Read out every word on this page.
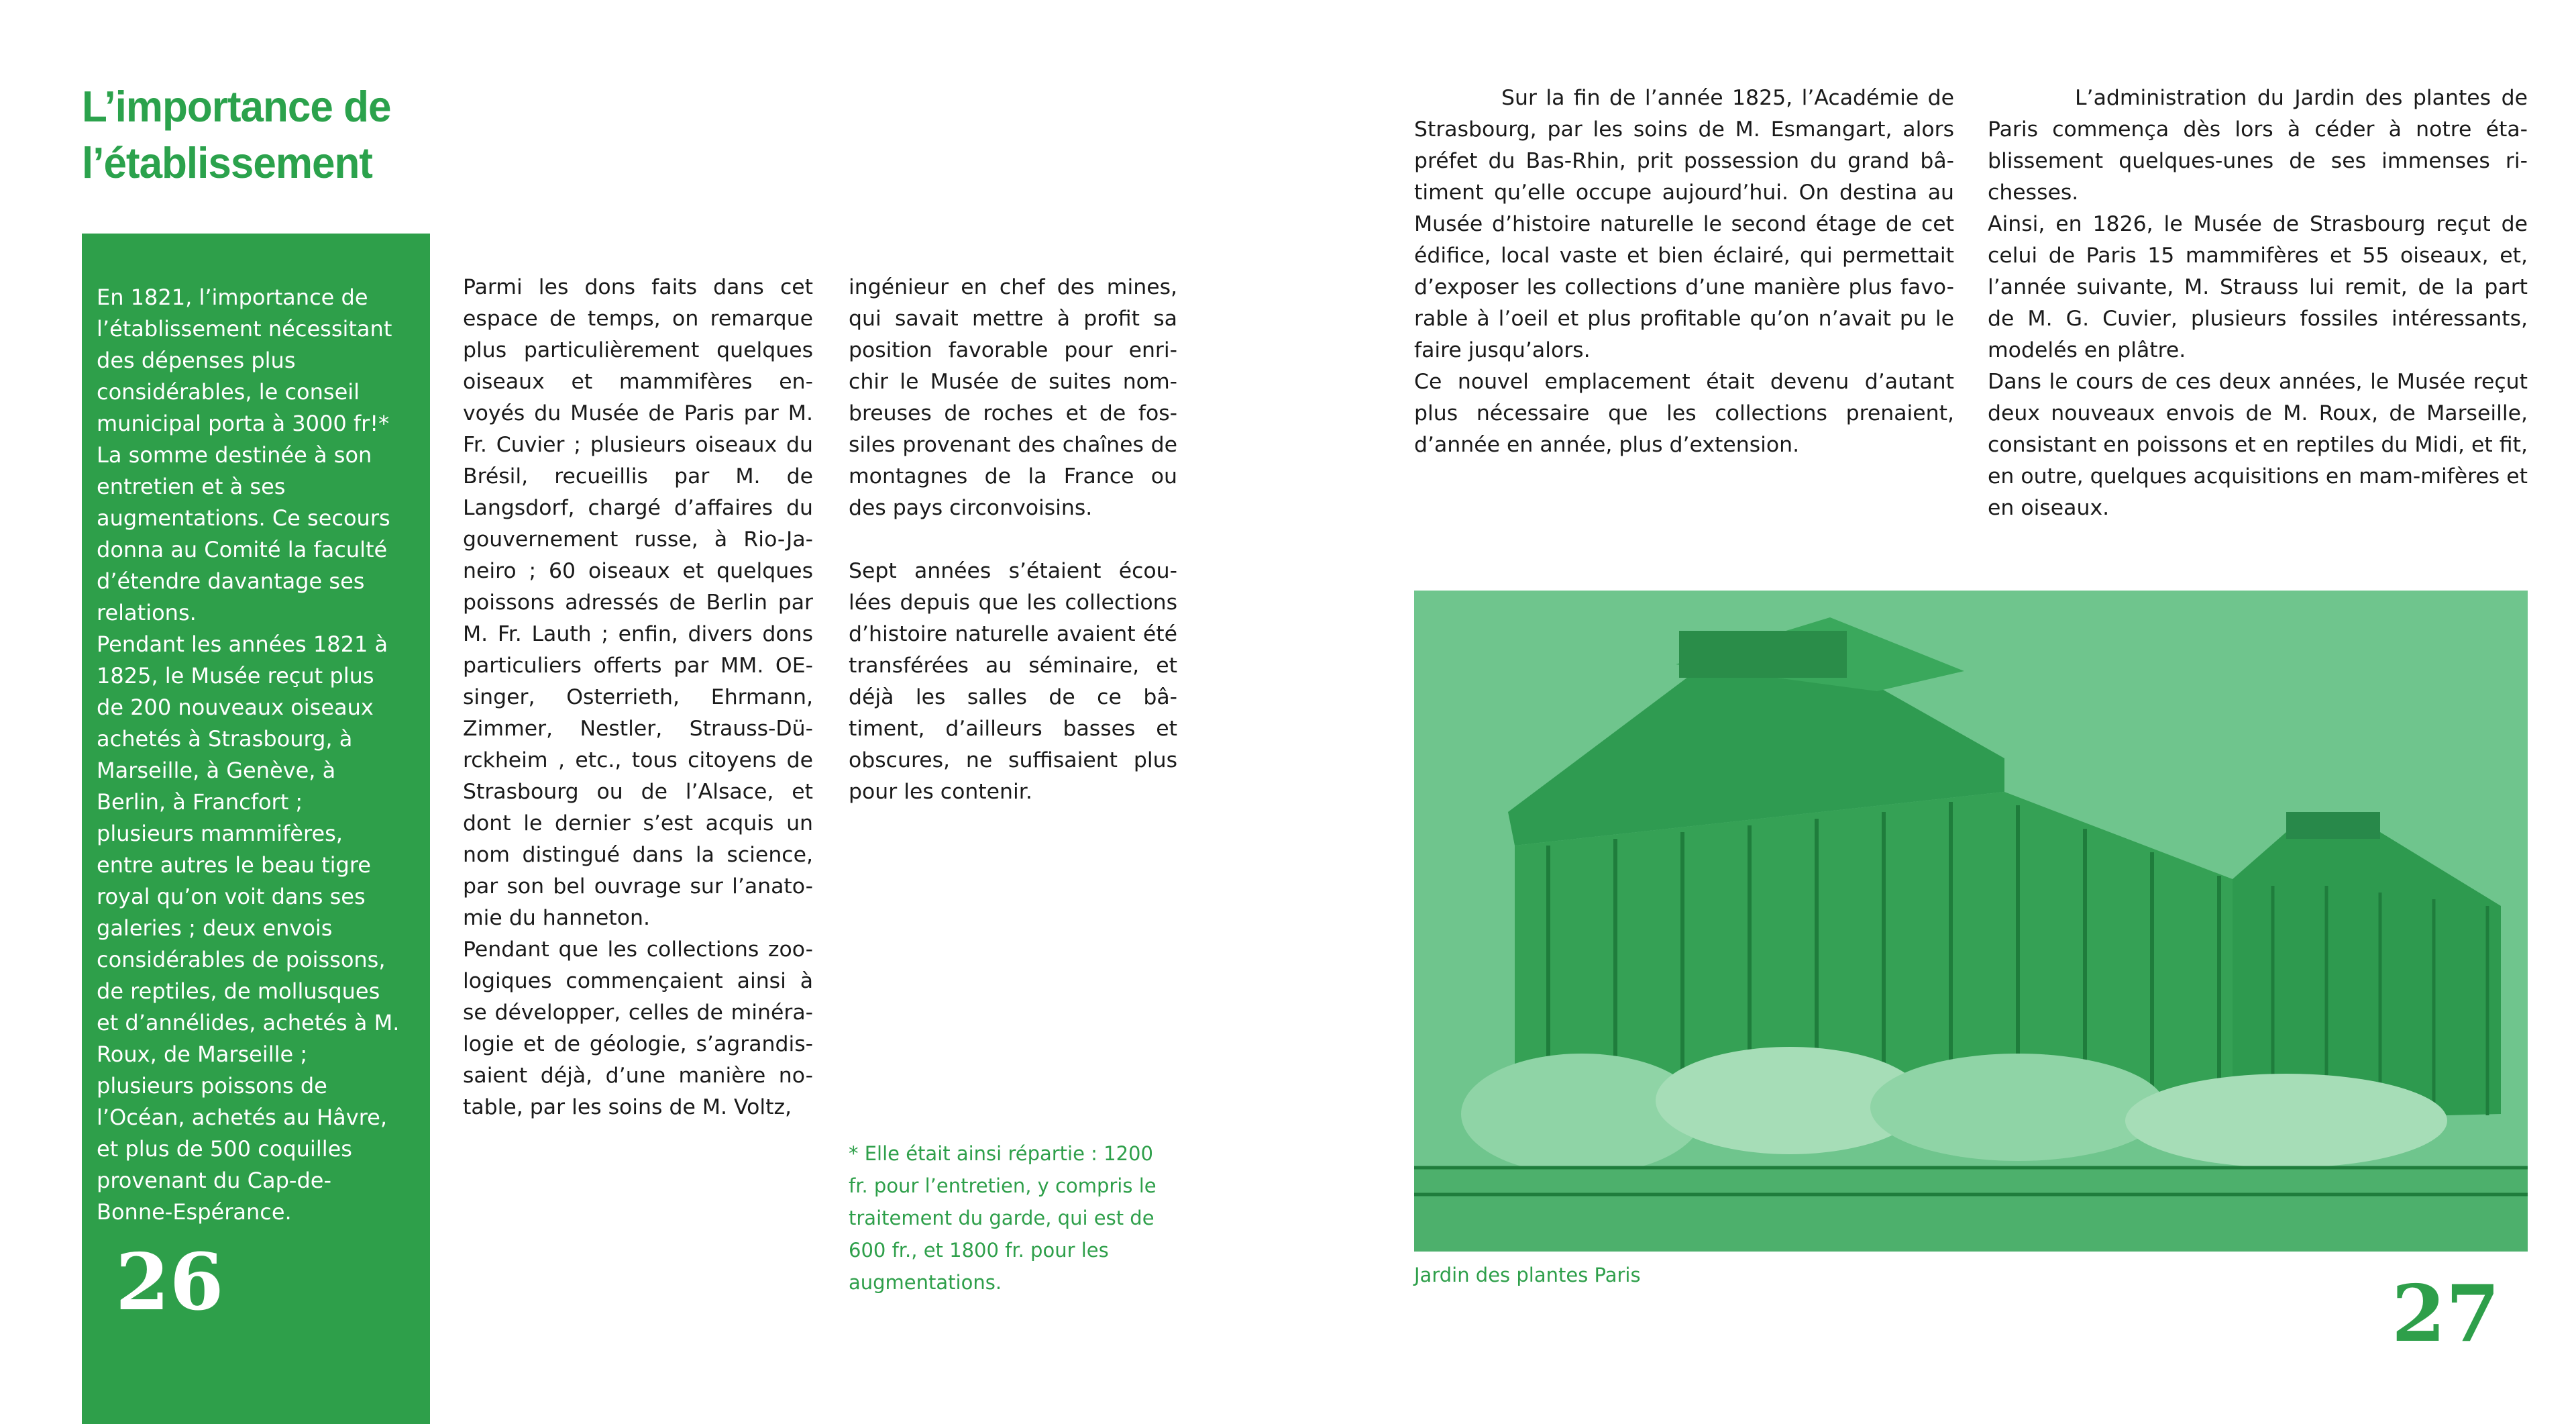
L’importance de
l’établissement
En 1821, l’importance de l’établissement nécessitant des dépenses plus considérables, le conseil municipal porta à 3000 fr!* La somme destinée à son entretien et à ses augmentations. Ce secours donna au Comité la faculté d’étendre davantage ses relations.
Pendant les années 1821 à 1825, le Musée reçut plus de 200 nouveaux oiseaux achetés à Strasbourg, à Marseille, à Genève, à Berlin, à Francfort ; plusieurs mammifères, entre autres le beau tigre royal qu’on voit dans ses galeries ; deux envois considérables de poissons, de reptiles, de mollusques et d’annélides, achetés à M. Roux, de Marseille ; plusieurs poissons de l’Océan, achetés au Hâvre, et plus de 500 coquilles provenant du Cap-de-Bonne-Espérance.
26

Parmi les dons faits dans cet espace de temps, on remarque plus particulièrement quelques oiseaux et mammifères en-voyés du Musée de Paris par M. Fr. Cuvier ; plusieurs oiseaux du Brésil, recueillis par M. de Langsdorf, chargé d’affaires du gouvernement russe, à Rio-Ja-neiro ; 60 oiseaux et quelques poissons adressés de Berlin par M. Fr. Lauth ; enfin, divers dons particuliers offerts par MM. OE-singer, Osterrieth, Ehrmann, Zimmer, Nestler, Strauss-Dü-rckheim , etc., tous citoyens de Strasbourg ou de l’Alsace, et dont le dernier s’est acquis un nom distingué dans la science, par son bel ouvrage sur l’anato-mie du hanneton.

Pendant que les collections zoo-logiques commençaient ainsi à se développer, celles de minéra-logie et de géologie, s’agrandis-saient déjà, d’une manière no-table, par les soins de M. Voltz,

ingénieur en chef des mines, qui savait mettre à profit sa position favorable pour enri-chir le Musée de suites nom-breuses de roches et de fos-siles provenant des chaînes de montagnes de la France ou des pays circonvoisins.

Sept années s’étaient écou-lées depuis que les collections d’histoire naturelle avaient été transférées au séminaire, et déjà les salles de ce bâ-timent, d’ailleurs basses et obscures, ne suffisaient plus pour les contenir.

* Elle était ainsi répartie : 1200 fr. pour l’entretien, y compris le traitement du garde, qui est de 600 fr., et 1800 fr. pour les augmentations.

Sur la fin de l’année 1825, l’Académie de Strasbourg, par les soins de M. Esmangart, alors préfet du Bas-Rhin, prit possession du grand bâ-timent qu’elle occupe aujourd’hui. On destina au Musée d’histoire naturelle le second étage de cet édifice, local vaste et bien éclairé, qui permettait d’exposer les collections d’une manière plus favo-rable à l’oeil et plus profitable qu’on n’avait pu le faire jusqu’alors.

Ce nouvel emplacement était devenu d’autant plus nécessaire que les collections prenaient, d’année en année, plus d’extension.

L’administration du Jardin des plantes de Paris commença dès lors à céder à notre éta-blissement quelques-unes de ses immenses ri-chesses.

Ainsi, en 1826, le Musée de Strasbourg reçut de celui de Paris 15 mammifères et 55 oiseaux, et, l’année suivante, M. Strauss lui remit, de la part de M. G. Cuvier, plusieurs fossiles intéressants, modelés en plâtre.

Dans le cours de ces deux années, le Musée reçut deux nouveaux envois de M. Roux, de Marseille, consistant en poissons et en reptiles du Midi, et fit, en outre, quelques acquisitions en mam-mifères et en oiseaux.

Jardin des plantes Paris	27
